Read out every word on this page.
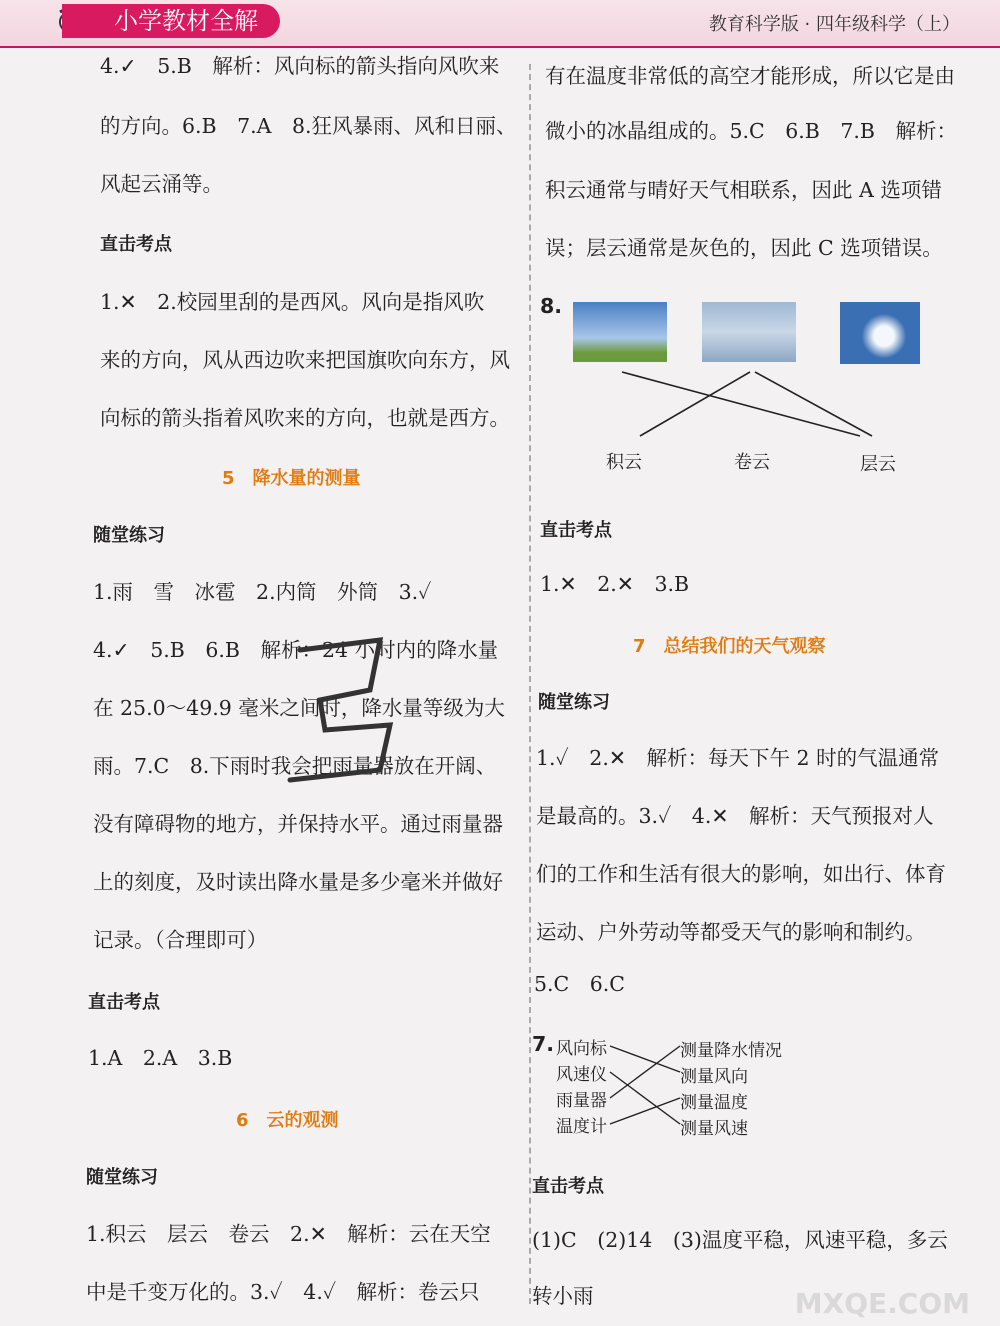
小学教材全解	教育科学版 · 四年级科学（上）
4.✓　5.B　解析：风向标的箭头指向风吹来
的方向。6.B　7.A　8.狂风暴雨、风和日丽、
风起云涌等。
直击考点
1.✕　2.校园里刮的是西风。风向是指风吹
来的方向，风从西边吹来把国旗吹向东方，风
向标的箭头指着风吹来的方向，也就是西方。
5　降水量的测量
随堂练习
1.雨　雪　冰雹　2.内筒　外筒　3.✓
4.✓　5.B　6.B　解析：24 小时内的降水量
在 25.0～49.9 毫米之间时，降水量等级为大
雨。7.C　8.下雨时我会把雨量器放在开阔、
没有障碍物的地方，并保持水平。通过雨量器
上的刻度，及时读出降水量是多少毫米并做好
记录。（合理即可）
直击考点
1.A　2.A　3.B
6　云的观测
随堂练习
1.积云　层云　卷云　2.✕　解析：云在天空
中是千变万化的。3.✓　4.✓　解析：卷云只
有在温度非常低的高空才能形成，所以它是由
微小的冰晶组成的。5.C　6.B　7.B　解析：
积云通常与晴好天气相联系，因此 A 选项错
误；层云通常是灰色的，因此 C 选项错误。
8.
积云	卷云	层云
直击考点
1.✕　2.✕　3.B
7　总结我们的天气观察
随堂练习
1.✓　2.✕　解析：每天下午 2 时的气温通常
是最高的。3.✓　4.✕　解析：天气预报对人
们的工作和生活有很大的影响，如出行、体育
运动、户外劳动等都受天气的影响和制约。
5.C　6.C
7. 风向标
风速仪
雨量器
温度计
测量降水情况
测量风向
测量温度
测量风速
直击考点
(1)C　(2)14　(3)温度平稳，风速平稳，多云
转小雨	MXQE.COM
